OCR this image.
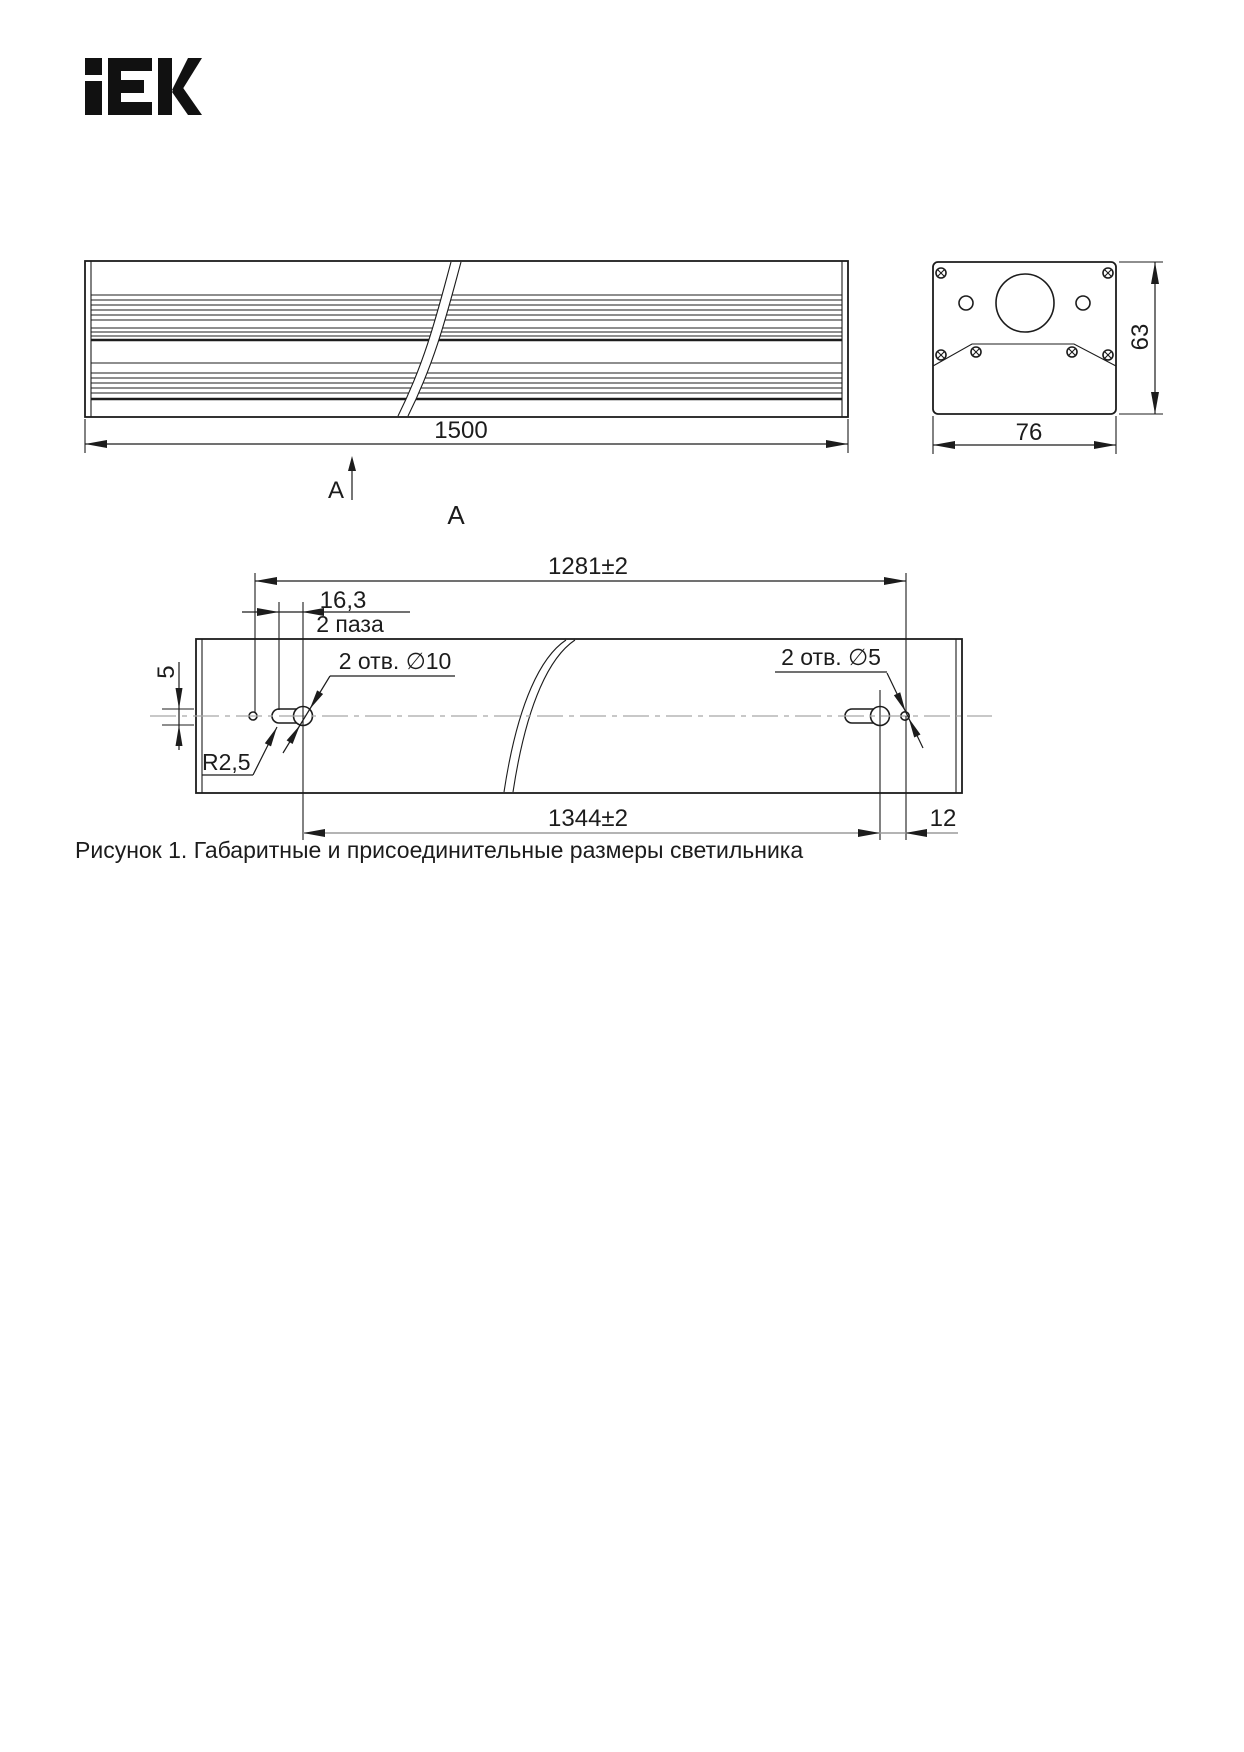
1500
А
76
63
А
1281±2
16,3
2 паза
2 отв. ∅10	2 отв. ∅5
5
R2,5
1344±2	12
Рисунок 1. Габаритные и присоединительные размеры светильника
